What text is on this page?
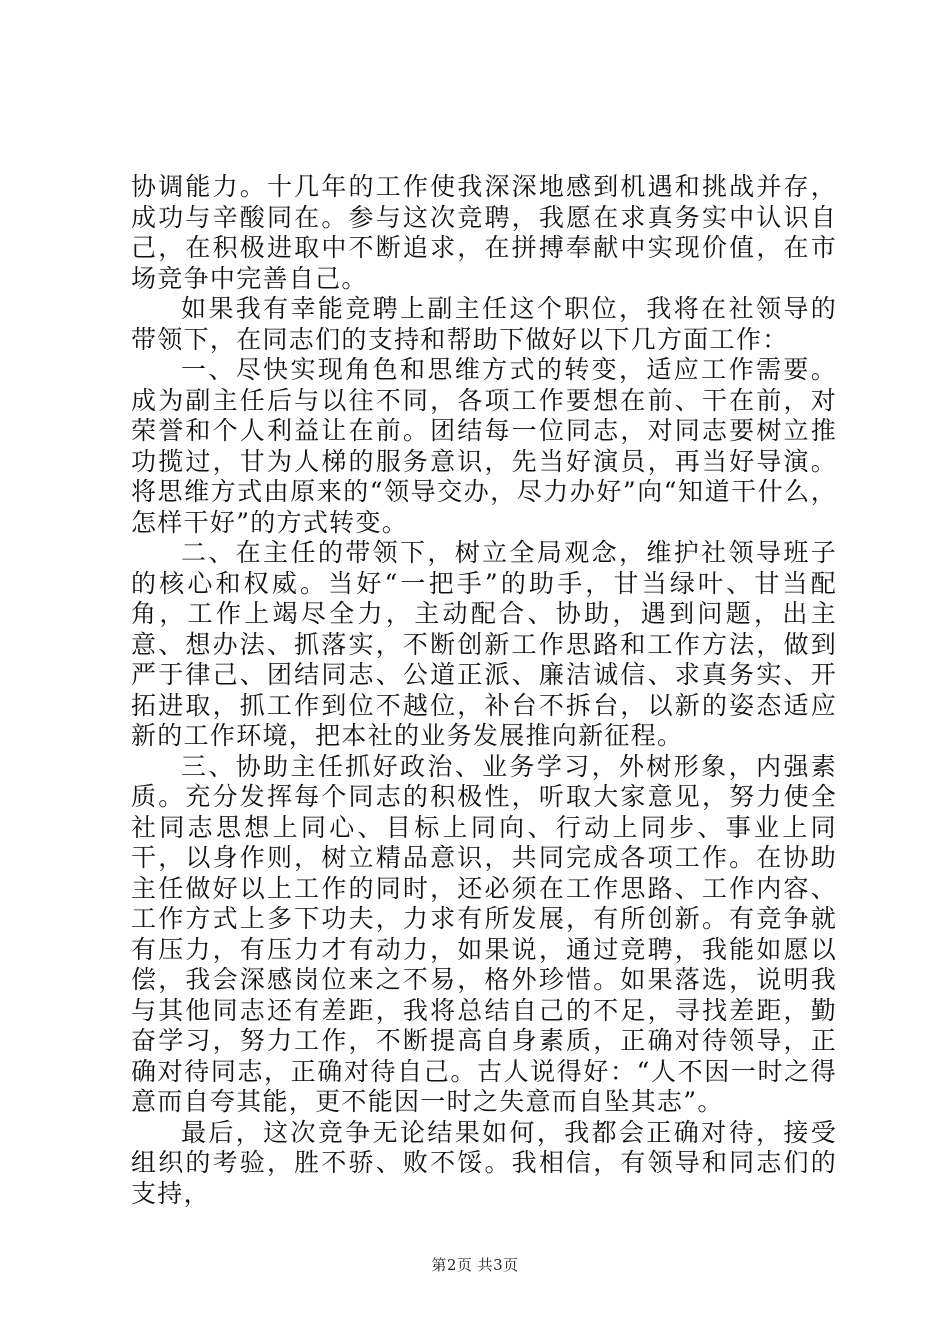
协调能力。十几年的工作使我深深地感到机遇和挑战并存，成功与辛酸同在。参与这次竞聘，我愿在求真务实中认识自己，在积极进取中不断追求，在拼搏奉献中实现价值，在市场竞争中完善自己。

如果我有幸能竞聘上副主任这个职位，我将在社领导的带领下，在同志们的支持和帮助下做好以下几方面工作：

一、尽快实现角色和思维方式的转变，适应工作需要。成为副主任后与以往不同，各项工作要想在前、干在前，对荣誉和个人利益让在前。团结每一位同志，对同志要树立推功揽过，甘为人梯的服务意识，先当好演员，再当好导演。将思维方式由原来的“领导交办，尽力办好”向“知道干什么，怎样干好”的方式转变。

二、在主任的带领下，树立全局观念，维护社领导班子的核心和权威。当好“一把手”的助手，甘当绿叶、甘当配角，工作上竭尽全力，主动配合、协助，遇到问题，出主意、想办法、抓落实，不断创新工作思路和工作方法，做到严于律己、团结同志、公道正派、廉洁诚信、求真务实、开拓进取，抓工作到位不越位，补台不拆台，以新的姿态适应新的工作环境，把本社的业务发展推向新征程。

三、协助主任抓好政治、业务学习，外树形象，内强素质。充分发挥每个同志的积极性，听取大家意见，努力使全社同志思想上同心、目标上同向、行动上同步、事业上同干，以身作则，树立精品意识，共同完成各项工作。在协助主任做好以上工作的同时，还必须在工作思路、工作内容、工作方式上多下功夫，力求有所发展，有所创新。有竞争就有压力，有压力才有动力，如果说，通过竞聘，我能如愿以偿，我会深感岗位来之不易，格外珍惜。如果落选，说明我与其他同志还有差距，我将总结自己的不足，寻找差距，勤奋学习，努力工作，不断提高自身素质，正确对待领导，正确对待同志，正确对待自己。古人说得好：“人不因一时之得意而自夸其能，更不能因一时之失意而自坠其志”。

最后，这次竞争无论结果如何，我都会正确对待，接受组织的考验，胜不骄、败不馁。我相信，有领导和同志们的支持，

第2页 共3页
